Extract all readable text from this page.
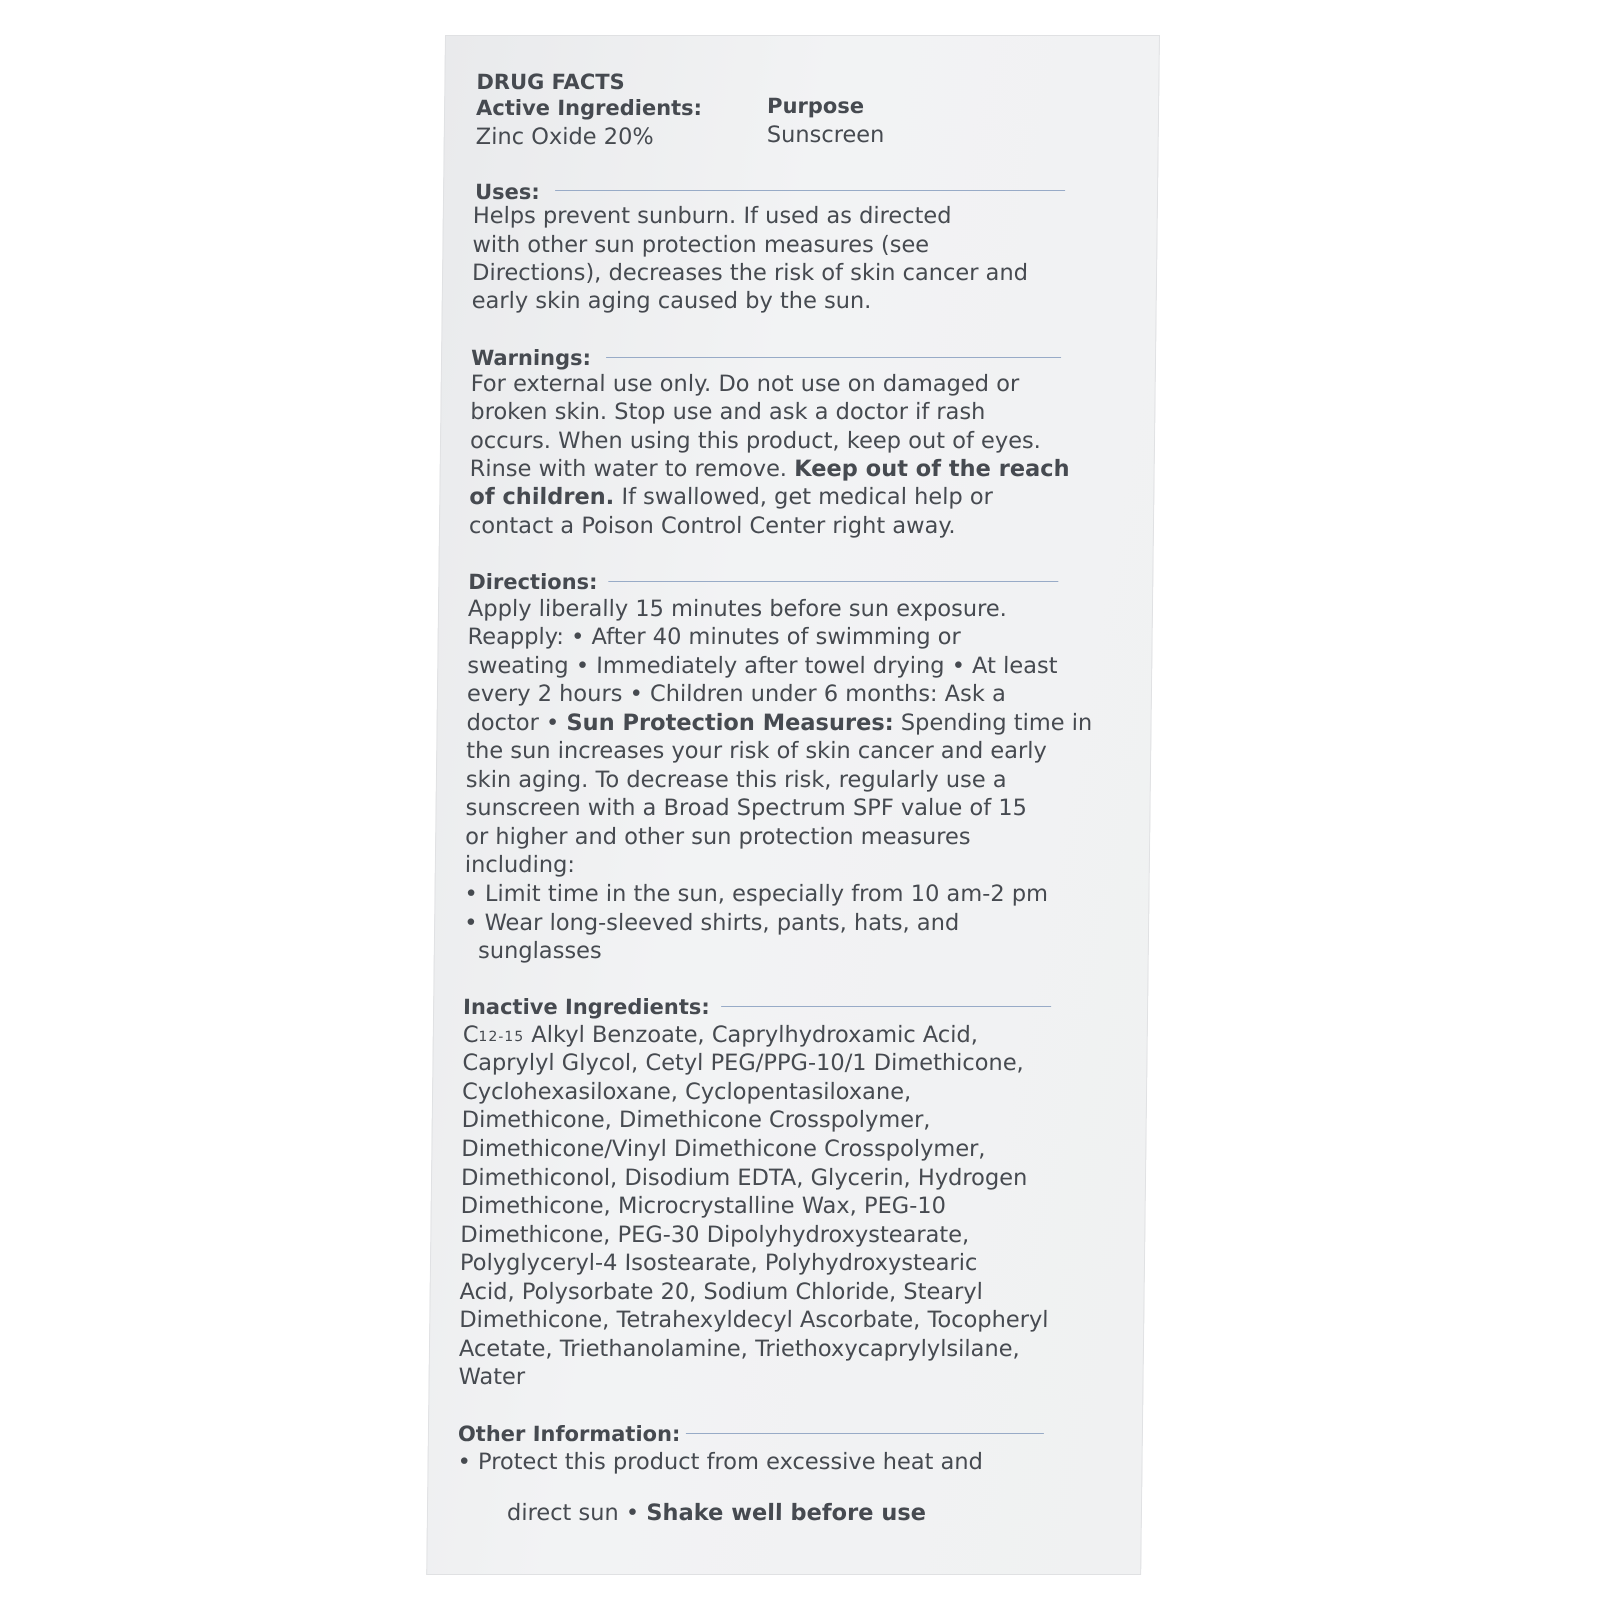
DRUG FACTS
Active Ingredients:
Zinc Oxide 20%
Purpose
Sunscreen
Uses:
Helps prevent sunburn. If used as directed
with other sun protection measures (see
Directions), decreases the risk of skin cancer and
early skin aging caused by the sun.
Warnings:
For external use only. Do not use on damaged or
broken skin. Stop use and ask a doctor if rash
occurs. When using this product, keep out of eyes.
Rinse with water to remove. Keep out of the reach
of children. If swallowed, get medical help or
contact a Poison Control Center right away.
Directions:
Apply liberally 15 minutes before sun exposure.
Reapply: • After 40 minutes of swimming or
sweating • Immediately after towel drying • At least
every 2 hours • Children under 6 months: Ask a
doctor • Sun Protection Measures: Spending time in
the sun increases your risk of skin cancer and early
skin aging. To decrease this risk, regularly use a
sunscreen with a Broad Spectrum SPF value of 15
or higher and other sun protection measures
including:
• Limit time in the sun, especially from 10 am-2 pm
• Wear long-sleeved shirts, pants, hats, and
sunglasses
Inactive Ingredients:
$C_{12-15}$ Alkyl Benzoate, Caprylhydroxamic Acid,
Caprylyl Glycol, Cetyl PEG/PPG-10/1 Dimethicone,
Cyclohexasiloxane, Cyclopentasiloxane,
Dimethicone, Dimethicone Crosspolymer,
Dimethicone/Vinyl Dimethicone Crosspolymer,
Dimethiconol, Disodium EDTA, Glycerin, Hydrogen
Dimethicone, Microcrystalline Wax, PEG-10
Dimethicone, PEG-30 Dipolyhydroxystearate,
Polyglyceryl-4 Isostearate, Polyhydroxystearic
Acid, Polysorbate 20, Sodium Chloride, Stearyl
Dimethicone, Tetrahexyldecyl Ascorbate, Tocopheryl
Acetate, Triethanolamine, Triethoxycaprylylsilane,
Water
Other Information:
• Protect this product from excessive heat and

direct sun • Shake well before use
